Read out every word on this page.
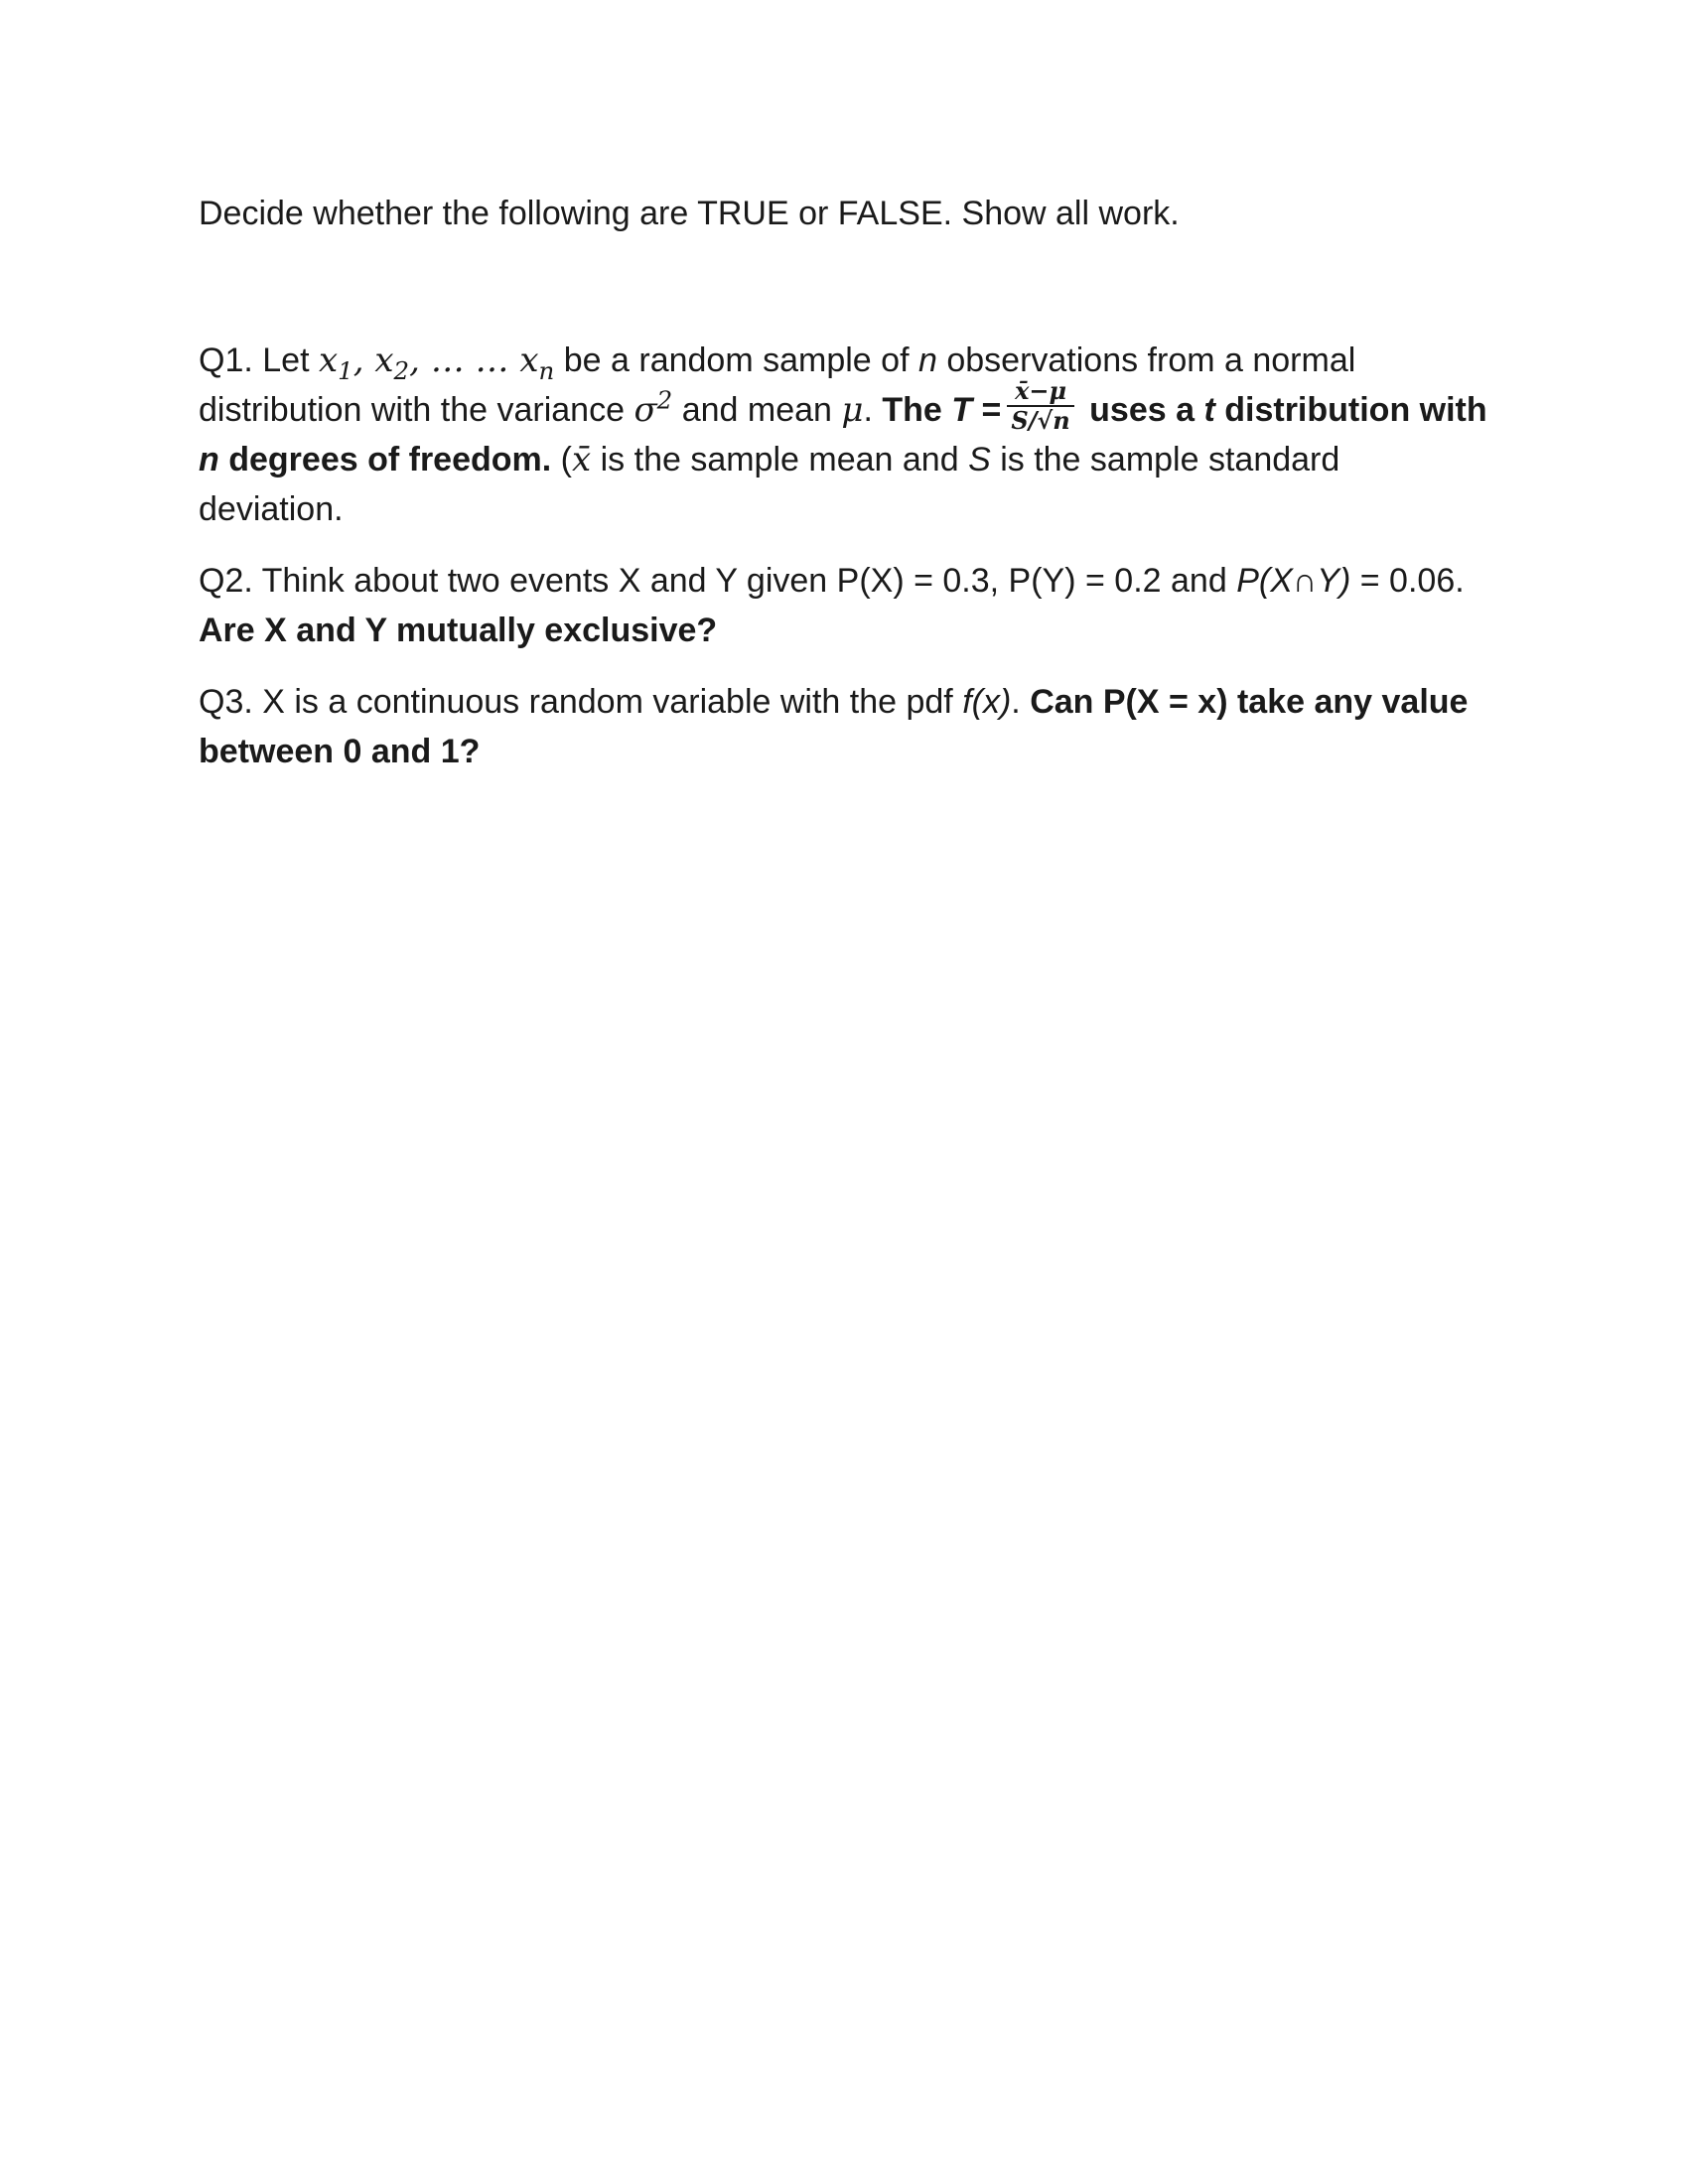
Decide whether the following are TRUE or FALSE. Show all work.

Q1. Let $x_1$, $x_2$, … … $x_n$ be a random sample of n observations from a normal distribution with the variance $\sigma^2$ and mean μ. The $T = \frac{x̄-\mu}{S/√n}$ uses a t distribution with n degrees of freedom. (x̄ is the sample mean and S is the sample standard deviation.

Q2. Think about two events X and Y given P(X) = 0.3, P(Y) = 0.2 and P(X∩Y) = 0.06.
Are X and Y mutually exclusive?

Q3. X is a continuous random variable with the pdf f(x). Can P(X = x) take any value between 0 and 1?
